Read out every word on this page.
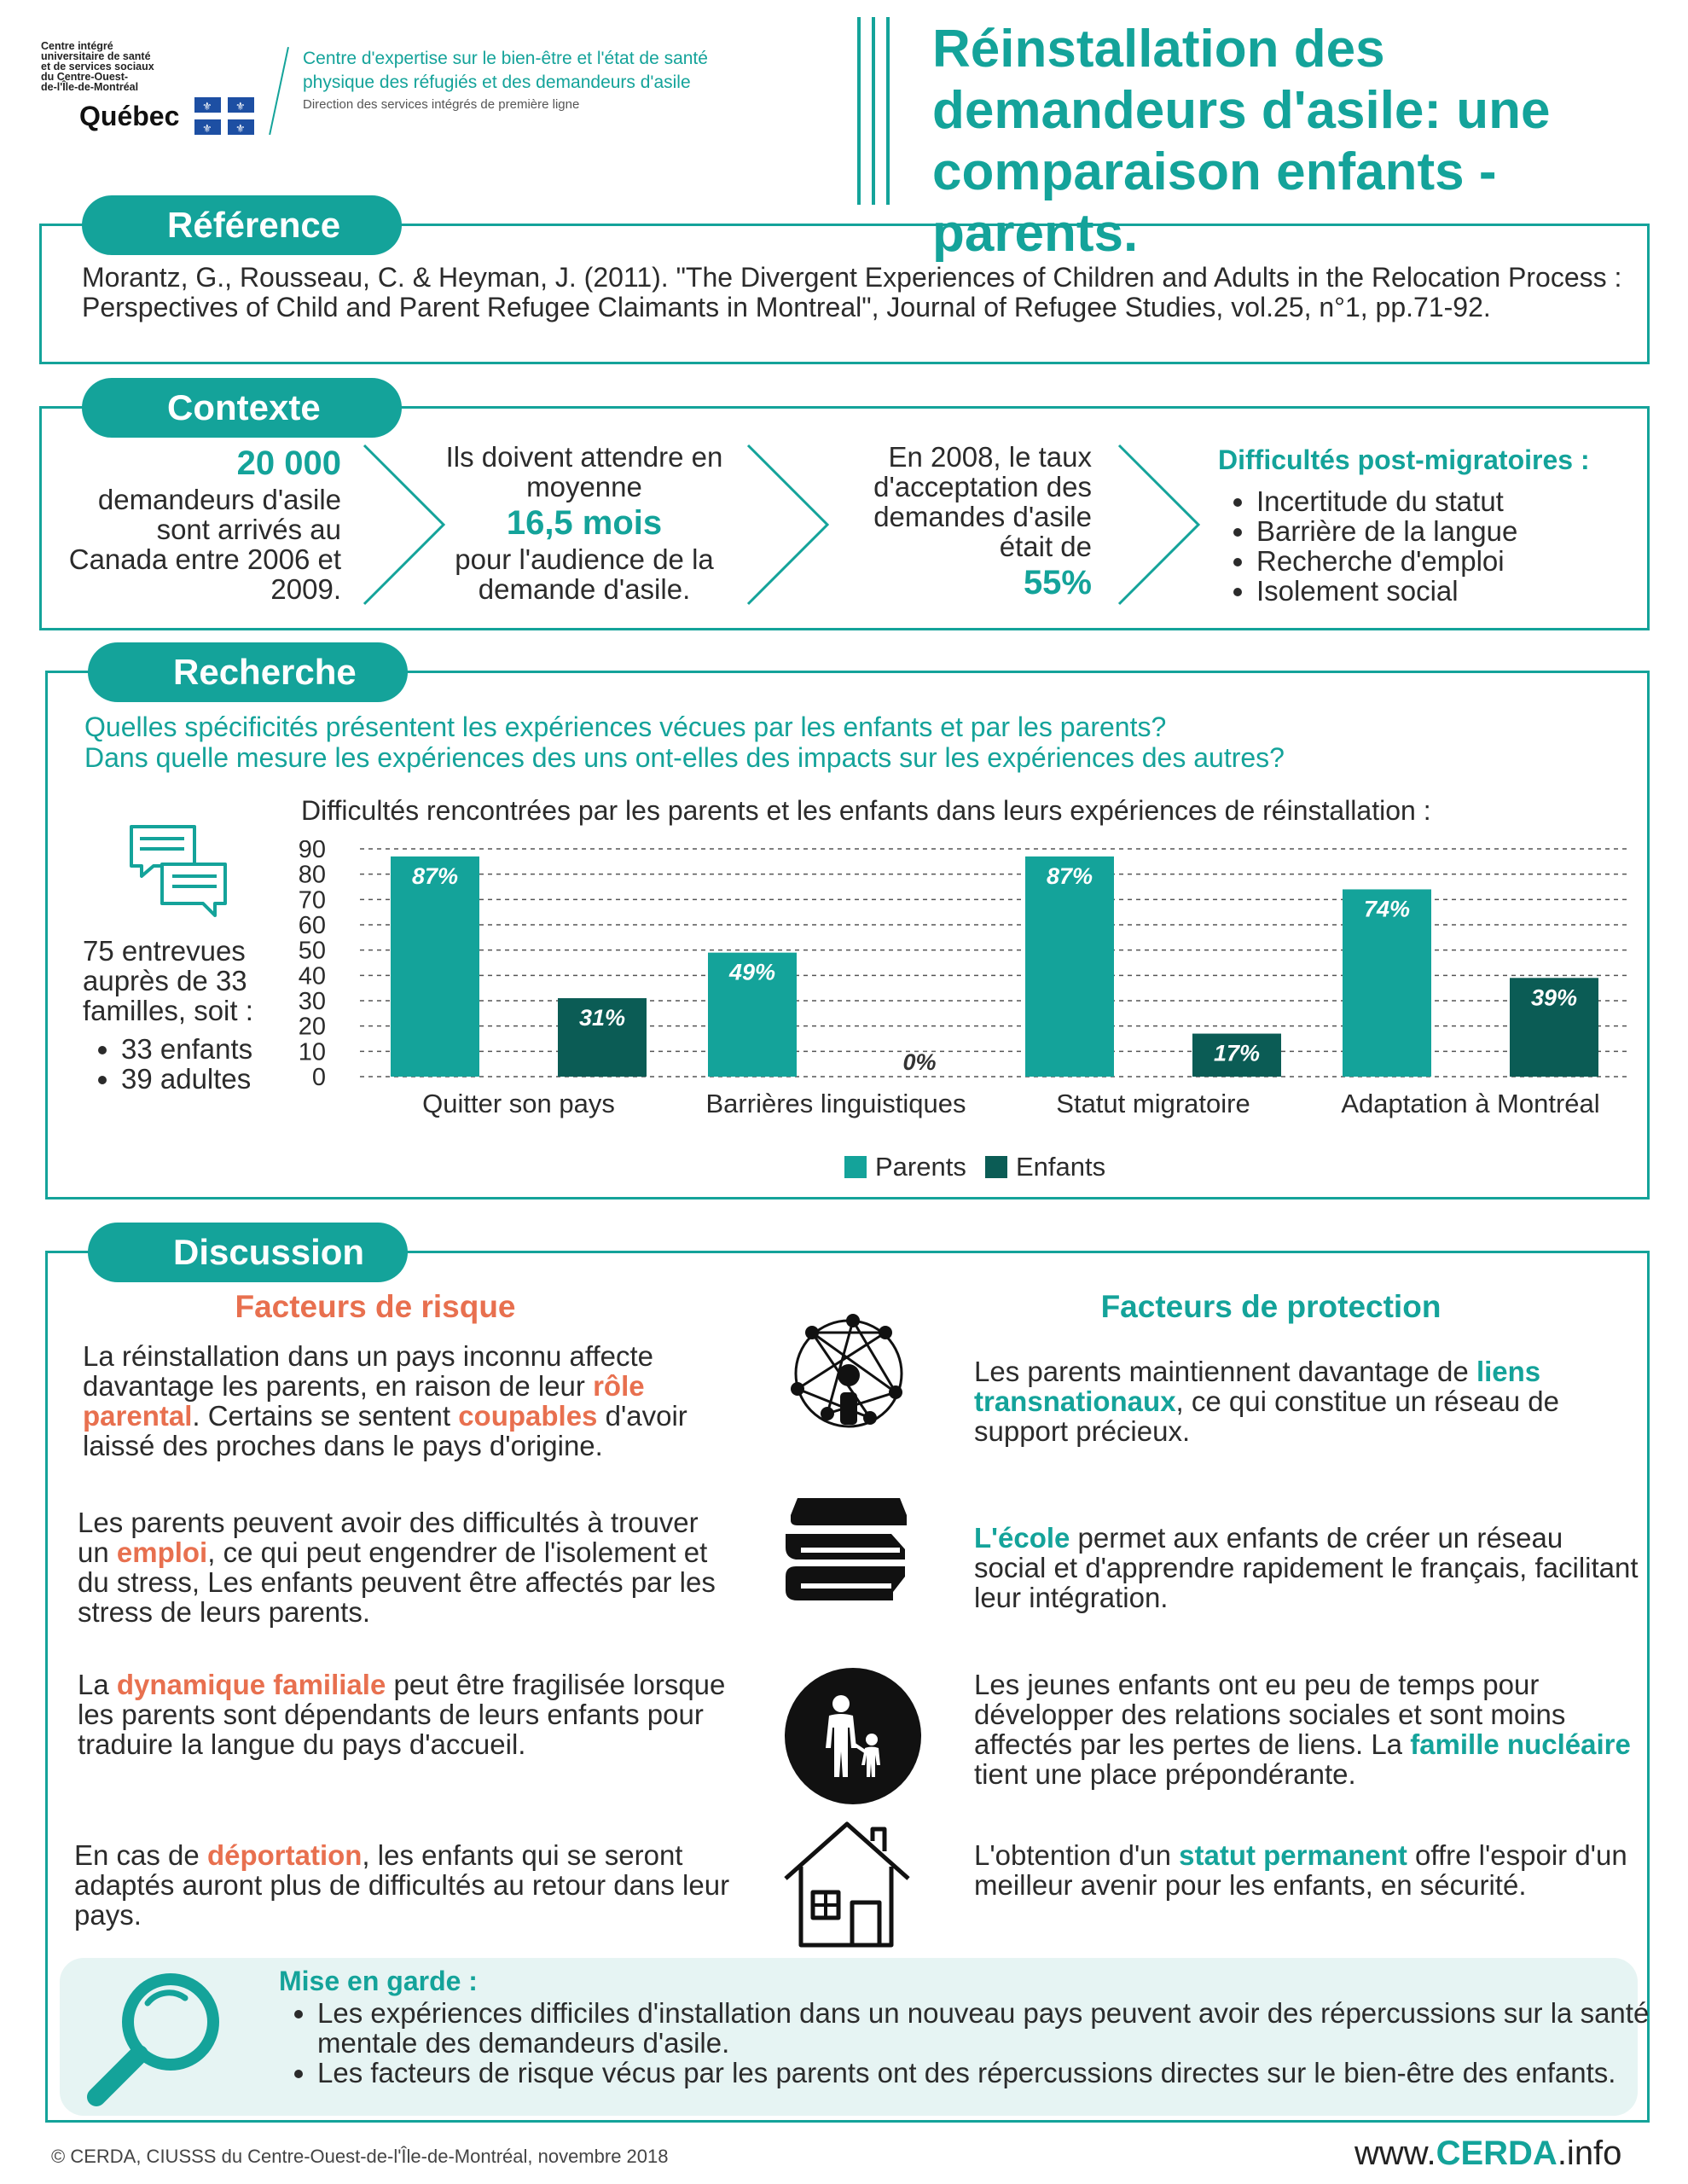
Centre intégré
universitaire de santé
et de services sociaux
du Centre-Ouest-
de-l'Île-de-Montréal
Québec ⚜ ⚜
⚜ ⚜
Centre d'expertise sur le bien-être et l'état de santé
physique des réfugiés et des demandeurs d'asile
Direction des services intégrés de première ligne
Réinstallation des demandeurs d'asile: une comparaison enfants - parents.
Référence
Morantz, G., Rousseau, C. & Heyman, J. (2011). "The Divergent Experiences of Children and Adults in the Relocation Process : Perspectives of Child and Parent Refugee Claimants in Montreal", Journal of Refugee Studies, vol.25, n°1, pp.71-92.
Contexte
20 000
demandeurs d'asile sont arrivés au Canada entre 2006 et 2009.
Ils doivent attendre en moyenne
16,5 mois
pour l'audience de la demande d'asile.
En 2008, le taux d'acceptation des demandes d'asile était de
55%
Difficultés post-migratoires :
• Incertitude du statut
• Barrière de la langue
• Recherche d'emploi
• Isolement social
Recherche
Quelles spécificités présentent les expériences vécues par les enfants et par les parents?
Dans quelle mesure les expériences des uns ont-elles des impacts sur les expériences des autres?
75 entrevues auprès de 33 familles, soit :
• 33 enfants
• 39 adultes
Difficultés rencontrées par les parents et les enfants dans leurs expériences de réinstallation :
0
10
20
30
40
50
60
70
80
90
87%
31%
Quitter son pays
49%
0%
Barrières linguistiques
87%
17%
Statut migratoire
74%
39%
Adaptation à Montréal
Parents Enfants
Discussion
Facteurs de risque	Facteurs de protection
La réinstallation dans un pays inconnu affecte davantage les parents, en raison de leur rôle parental. Certains se sentent coupables d'avoir laissé des proches dans le pays d'origine.
Les parents peuvent avoir des difficultés à trouver un emploi, ce qui peut engendrer de l'isolement et du stress, Les enfants peuvent être affectés par les stress de leurs parents.
La dynamique familiale peut être fragilisée lorsque les parents sont dépendants de leurs enfants pour traduire la langue du pays d'accueil.
En cas de déportation, les enfants qui se seront adaptés auront plus de difficultés au retour dans leur pays.
Les parents maintiennent davantage de liens transnationaux, ce qui constitue un réseau de support précieux.
L'école permet aux enfants de créer un réseau social et d'apprendre rapidement le français, facilitant leur intégration.
Les jeunes enfants ont eu peu de temps pour développer des relations sociales et sont moins affectés par les pertes de liens. La famille nucléaire tient une place prépondérante.
L'obtention d'un statut permanent offre l'espoir d'un meilleur avenir pour les enfants, en sécurité.
Mise en garde :
• Les expériences difficiles d'installation dans un nouveau pays peuvent avoir des répercussions sur la santé mentale des demandeurs d'asile.
• Les facteurs de risque vécus par les parents ont des répercussions directes sur le bien-être des enfants.
© CERDA, CIUSSS du Centre-Ouest-de-l'Île-de-Montréal, novembre 2018	www.CERDA.info
